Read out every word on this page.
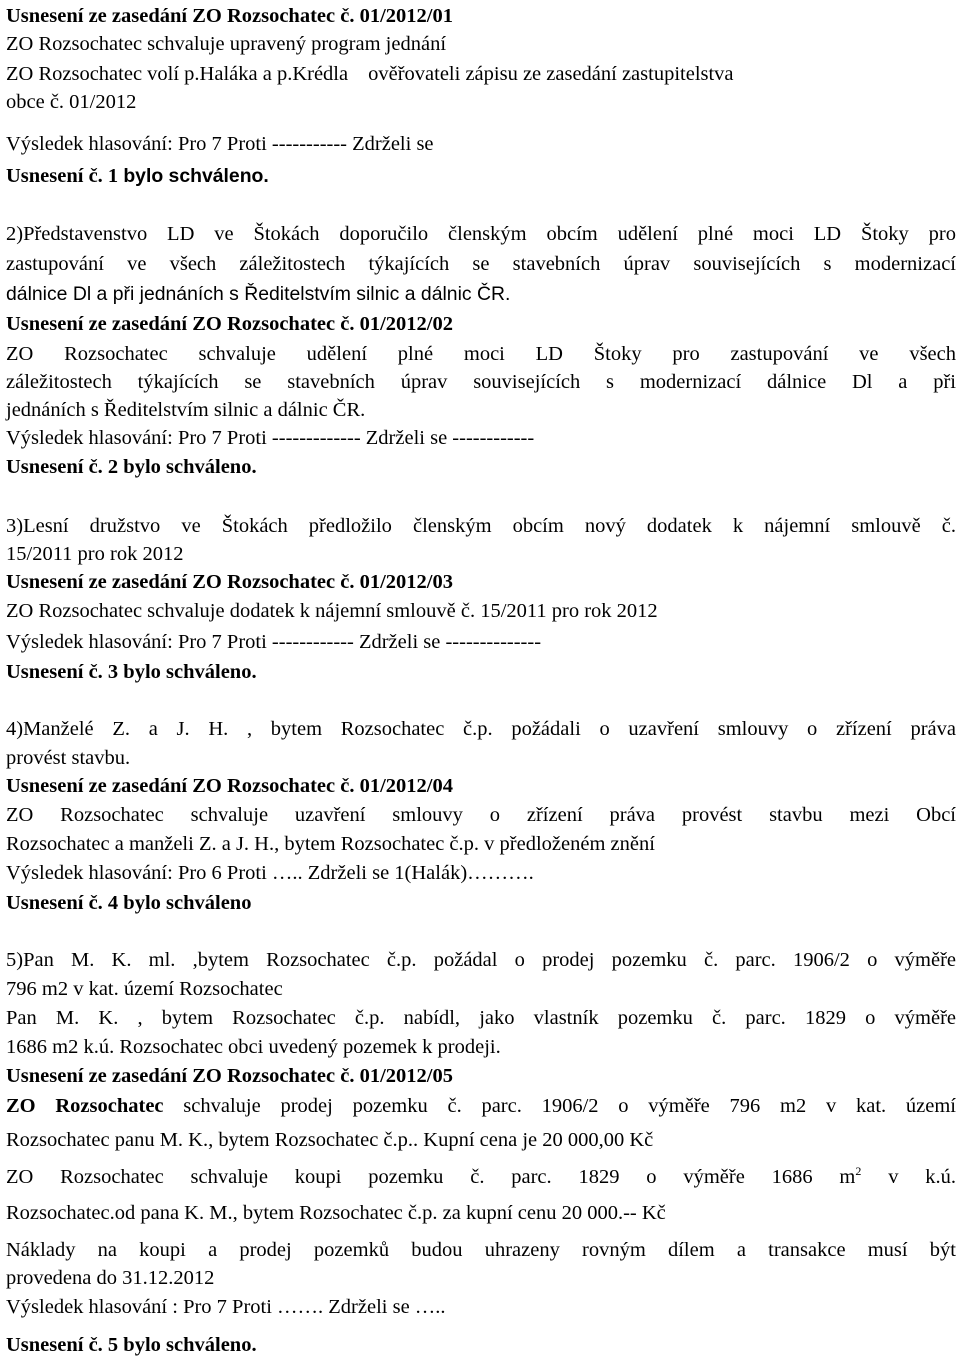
Usnesení ze zasedání ZO Rozsochatec č. 01/2012/01
ZO Rozsochatec schvaluje upravený program jednání
ZO Rozsochatec volí p.Haláka a p.Krédla ověřovateli zápisu ze zasedání zastupitelstva
obce č. 01/2012
Výsledek hlasování: Pro 7 Proti ----------- Zdrželi se
Usnesení č. 1 bylo schváleno.
2)Představenstvo LD ve Štokách doporučilo členským obcím udělení plné moci LD Štoky pro
zastupování ve všech záležitostech týkajících se stavebních úprav souvisejících s modernizací
dálnice Dl a při jednáních s Ředitelstvím silnic a dálnic ČR.
Usnesení ze zasedání ZO Rozsochatec č. 01/2012/02
ZO Rozsochatec schvaluje udělení plné moci LD Štoky pro zastupování ve všech
záležitostech týkajících se stavebních úprav souvisejících s modernizací dálnice Dl a při
jednáních s Ředitelstvím silnic a dálnic ČR.
Výsledek hlasování: Pro 7 Proti ------------- Zdrželi se ------------
Usnesení č. 2 bylo schváleno.
3)Lesní družstvo ve Štokách předložilo členským obcím nový dodatek k nájemní smlouvě č.
15/2011 pro rok 2012
Usnesení ze zasedání ZO Rozsochatec č. 01/2012/03
ZO Rozsochatec schvaluje dodatek k nájemní smlouvě č. 15/2011 pro rok 2012
Výsledek hlasování: Pro 7 Proti ------------ Zdrželi se --------------
Usnesení č. 3 bylo schváleno.
4)Manželé Z. a J. H. , bytem Rozsochatec č.p. požádali o uzavření smlouvy o zřízení práva
provést stavbu.
Usnesení ze zasedání ZO Rozsochatec č. 01/2012/04
ZO Rozsochatec schvaluje uzavření smlouvy o zřízení práva provést stavbu mezi Obcí
Rozsochatec a manželi Z. a J. H., bytem Rozsochatec č.p. v předloženém znění
Výsledek hlasování: Pro 6 Proti ….. Zdrželi se 1(Halák)……….
Usnesení č. 4 bylo schváleno
5)Pan M. K. ml. ,bytem Rozsochatec č.p. požádal o prodej pozemku č. parc. 1906/2 o výměře
796 m2 v kat. území Rozsochatec
Pan M. K. , bytem Rozsochatec č.p. nabídl, jako vlastník pozemku č. parc. 1829 o výměře
1686 m2 k.ú. Rozsochatec obci uvedený pozemek k prodeji.
Usnesení ze zasedání ZO Rozsochatec č. 01/2012/05
ZO Rozsochatec schvaluje prodej pozemku č. parc. 1906/2 o výměře 796 m2 v kat. území
Rozsochatec panu M. K., bytem Rozsochatec č.p.. Kupní cena je 20 000,00 Kč
ZO Rozsochatec schvaluje koupi pozemku č. parc. 1829 o výměře 1686 $m^2$ v k.ú.
Rozsochatec.od pana K. M., bytem Rozsochatec č.p. za kupní cenu 20 000.-- Kč
Náklady na koupi a prodej pozemků budou uhrazeny rovným dílem a transakce musí být
provedena do 31.12.2012
Výsledek hlasování : Pro 7 Proti ……. Zdrželi se …..
Usnesení č. 5 bylo schváleno.
